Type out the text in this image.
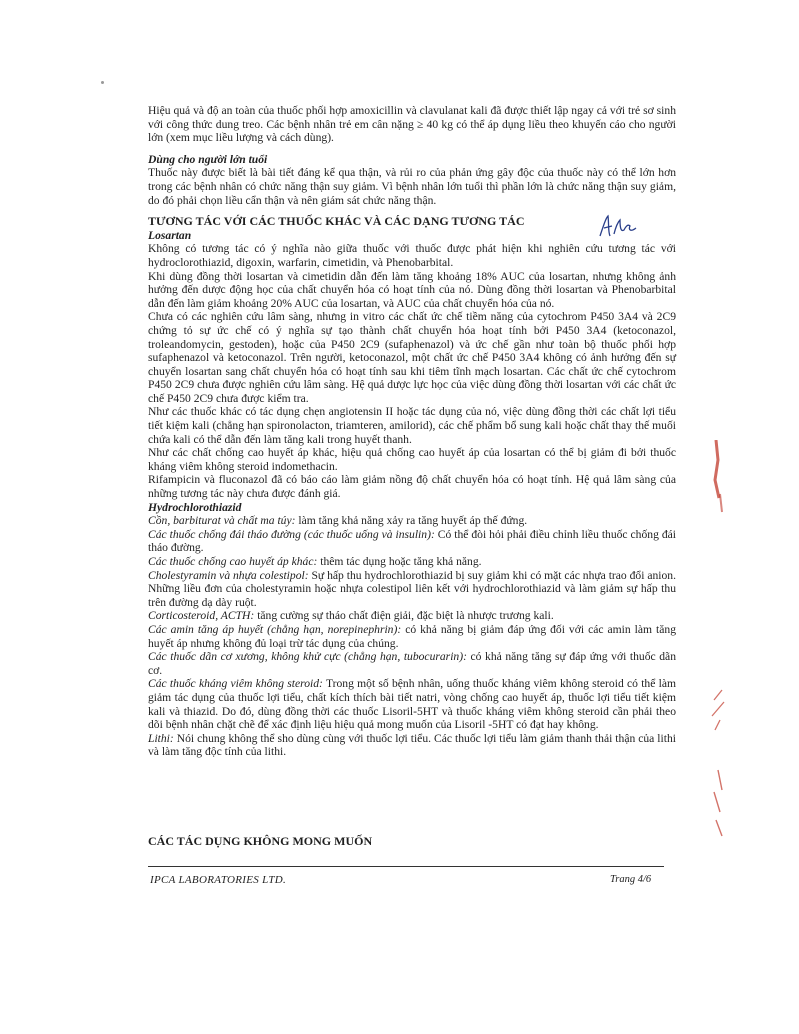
Hiệu quả và độ an toàn của thuốc phối hợp amoxicillin và clavulanat kali đã được thiết lập ngay cả với trẻ sơ sinh với công thức dung treo. Các bệnh nhân trẻ em cân nặng ≥ 40 kg có thể áp dụng liều theo khuyến cáo cho người lớn (xem mục liều lượng và cách dùng).

Dùng cho người lớn tuổi

Thuốc này được biết là bài tiết đáng kể qua thận, và rủi ro của phản ứng gây độc của thuốc này có thể lớn hơn trong các bệnh nhân có chức năng thận suy giảm. Vì bệnh nhân lớn tuổi thì phần lớn là chức năng thận suy giảm, do đó phải chọn liều cẩn thận và nên giám sát chức năng thận.

TƯƠNG TÁC VỚI CÁC THUỐC KHÁC VÀ CÁC DẠNG TƯƠNG TÁC

Losartan

Không có tương tác có ý nghĩa nào giữa thuốc với thuốc được phát hiện khi nghiên cứu tương tác với hydroclorothiazid, digoxin, warfarin, cimetidin, và Phenobarbital.

Khi dùng đồng thời losartan và cimetidin dẫn đến làm tăng khoảng 18% AUC của losartan, nhưng không ảnh hưởng đến dược động học của chất chuyển hóa có hoạt tính của nó. Dùng đồng thời losartan và Phenobarbital dẫn đến làm giảm khoảng 20% AUC của losartan, và AUC của chất chuyển hóa của nó.

Chưa có các nghiên cứu lâm sàng, nhưng in vitro các chất ức chế tiềm năng của cytochrom P450 3A4 và 2C9 chứng tỏ sự ức chế có ý nghĩa sự tạo thành chất chuyển hóa hoạt tính bởi P450 3A4 (ketoconazol, troleandomycin, gestoden), hoặc của P450 2C9 (sufaphenazol) và ức chế gần như toàn bộ thuốc phối hợp sufaphenazol và ketoconazol. Trên người, ketoconazol, một chất ức chế P450 3A4 không có ảnh hưởng đến sự chuyển losartan sang chất chuyển hóa có hoạt tính sau khi tiêm tĩnh mạch losartan. Các chất ức chế cytochrom P450 2C9 chưa được nghiên cứu lâm sàng. Hệ quả dược lực học của việc dùng đồng thời losartan với các chất ức chế P450 2C9 chưa được kiểm tra.

Như các thuốc khác có tác dụng chẹn angiotensin II hoặc tác dụng của nó, việc dùng đồng thời các chất lợi tiểu tiết kiệm kali (chẳng hạn spironolacton, triamteren, amilorid), các chế phẩm bổ sung kali hoặc chất thay thế muối chứa kali có thể dẫn đến làm tăng kali trong huyết thanh.

Như các chất chống cao huyết áp khác, hiệu quả chống cao huyết áp của losartan có thể bị giảm đi bởi thuốc kháng viêm không steroid indomethacin.

Rifampicin và fluconazol đã có báo cáo làm giảm nồng độ chất chuyển hóa có hoạt tính. Hệ quả lâm sàng của những tương tác này chưa được đánh giá.

Hydrochlorothiazid

Cồn, barbiturat và chất ma túy: làm tăng khả năng xảy ra tăng huyết áp thế đứng.

Các thuốc chống đái tháo đường (các thuốc uống và insulin): Có thể đòi hỏi phải điều chỉnh liều thuốc chống đái tháo đường.

Các thuốc chống cao huyết áp khác: thêm tác dụng hoặc tăng khả năng.

Cholestyramin và nhựa colestipol: Sự hấp thu hydrochlorothiazid bị suy giảm khi có mặt các nhựa trao đổi anion. Những liều đơn của cholestyramin hoặc nhựa colestipol liên kết với hydrochlorothiazid và làm giảm sự hấp thu trên đường dạ dày ruột.

Corticosteroid, ACTH: tăng cường sự tháo chất điện giải, đặc biệt là nhược trương kali.

Các amin tăng áp huyết (chẳng hạn, norepinephrin): có khả năng bị giảm đáp ứng đối với các amin làm tăng huyết áp nhưng không đủ loại trừ tác dụng của chúng.

Các thuốc dãn cơ xương, không khử cực (chẳng hạn, tubocurarin): có khả năng tăng sự đáp ứng với thuốc dãn cơ.

Các thuốc kháng viêm không steroid: Trong một số bệnh nhân, uống thuốc kháng viêm không steroid có thể làm giảm tác dụng của thuốc lợi tiểu, chất kích thích bài tiết natri, vòng chống cao huyết áp, thuốc lợi tiểu tiết kiệm kali và thiazid. Do đó, dùng đồng thời các thuốc Lisoril-5HT và thuốc kháng viêm không steroid cần phải theo dõi bệnh nhân chặt chẽ để xác định liệu hiệu quả mong muốn của Lisoril -5HT có đạt hay không.

Lithi: Nói chung không thể sho dùng cùng với thuốc lợi tiểu. Các thuốc lợi tiểu làm giảm thanh thải thận của lithi và làm tăng độc tính của lithi.

CÁC TÁC DỤNG KHÔNG MONG MUỐN
IPCA LABORATORIES LTD.	Trang 4/6
